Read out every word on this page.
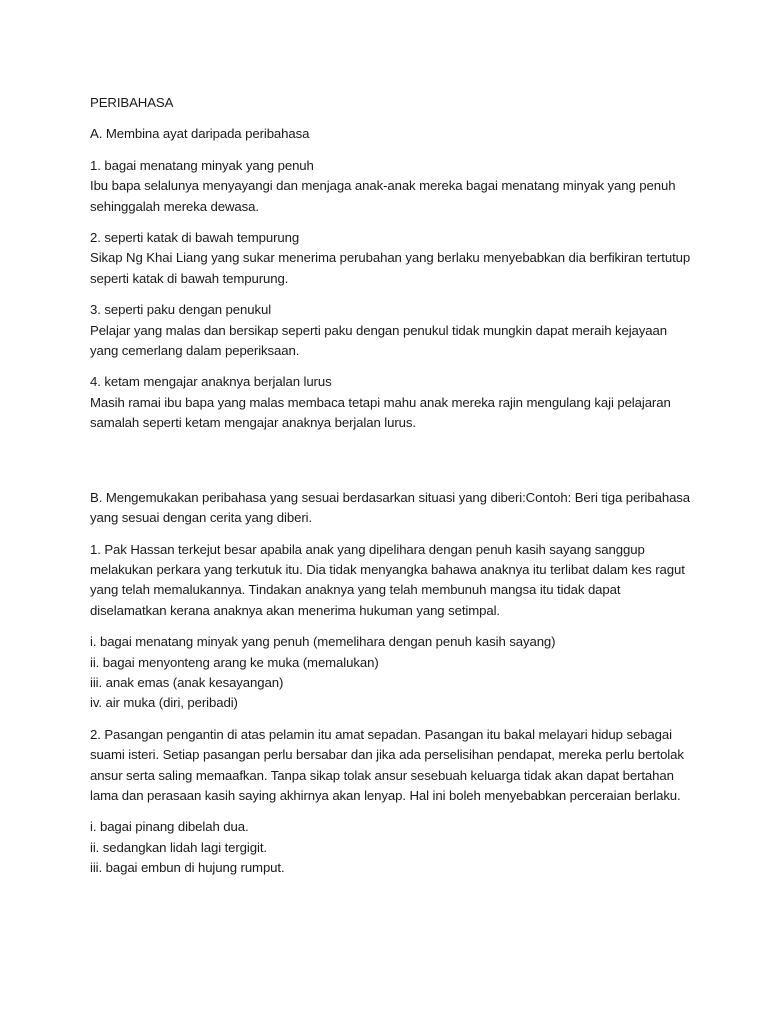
PERIBAHASA

A. Membina ayat daripada peribahasa

1. bagai menatang minyak yang penuh
Ibu bapa selalunya menyayangi dan menjaga anak-anak mereka bagai menatang minyak yang penuh
sehinggalah mereka dewasa.

2. seperti katak di bawah tempurung
Sikap Ng Khai Liang yang sukar menerima perubahan yang berlaku menyebabkan dia berfikiran tertutup
seperti katak di bawah tempurung.

3. seperti paku dengan penukul
Pelajar yang malas dan bersikap seperti paku dengan penukul tidak mungkin dapat meraih kejayaan
yang cemerlang dalam peperiksaan.

4. ketam mengajar anaknya berjalan lurus
Masih ramai ibu bapa yang malas membaca tetapi mahu anak mereka rajin mengulang kaji pelajaran
samalah seperti ketam mengajar anaknya berjalan lurus.

B. Mengemukakan peribahasa yang sesuai berdasarkan situasi yang diberi:Contoh: Beri tiga peribahasa
yang sesuai dengan cerita yang diberi.

1. Pak Hassan terkejut besar apabila anak yang dipelihara dengan penuh kasih sayang sanggup
melakukan perkara yang terkutuk itu. Dia tidak menyangka bahawa anaknya itu terlibat dalam kes ragut
yang telah memalukannya. Tindakan anaknya yang telah membunuh mangsa itu tidak dapat
diselamatkan kerana anaknya akan menerima hukuman yang setimpal.

i. bagai menatang minyak yang penuh (memelihara dengan penuh kasih sayang)
ii. bagai menyonteng arang ke muka (memalukan)
iii. anak emas (anak kesayangan)
iv. air muka (diri, peribadi)

2. Pasangan pengantin di atas pelamin itu amat sepadan. Pasangan itu bakal melayari hidup sebagai
suami isteri. Setiap pasangan perlu bersabar dan jika ada perselisihan pendapat, mereka perlu bertolak
ansur serta saling memaafkan. Tanpa sikap tolak ansur sesebuah keluarga tidak akan dapat bertahan
lama dan perasaan kasih saying akhirnya akan lenyap. Hal ini boleh menyebabkan perceraian berlaku.

i. bagai pinang dibelah dua.
ii. sedangkan lidah lagi tergigit.
iii. bagai embun di hujung rumput.
